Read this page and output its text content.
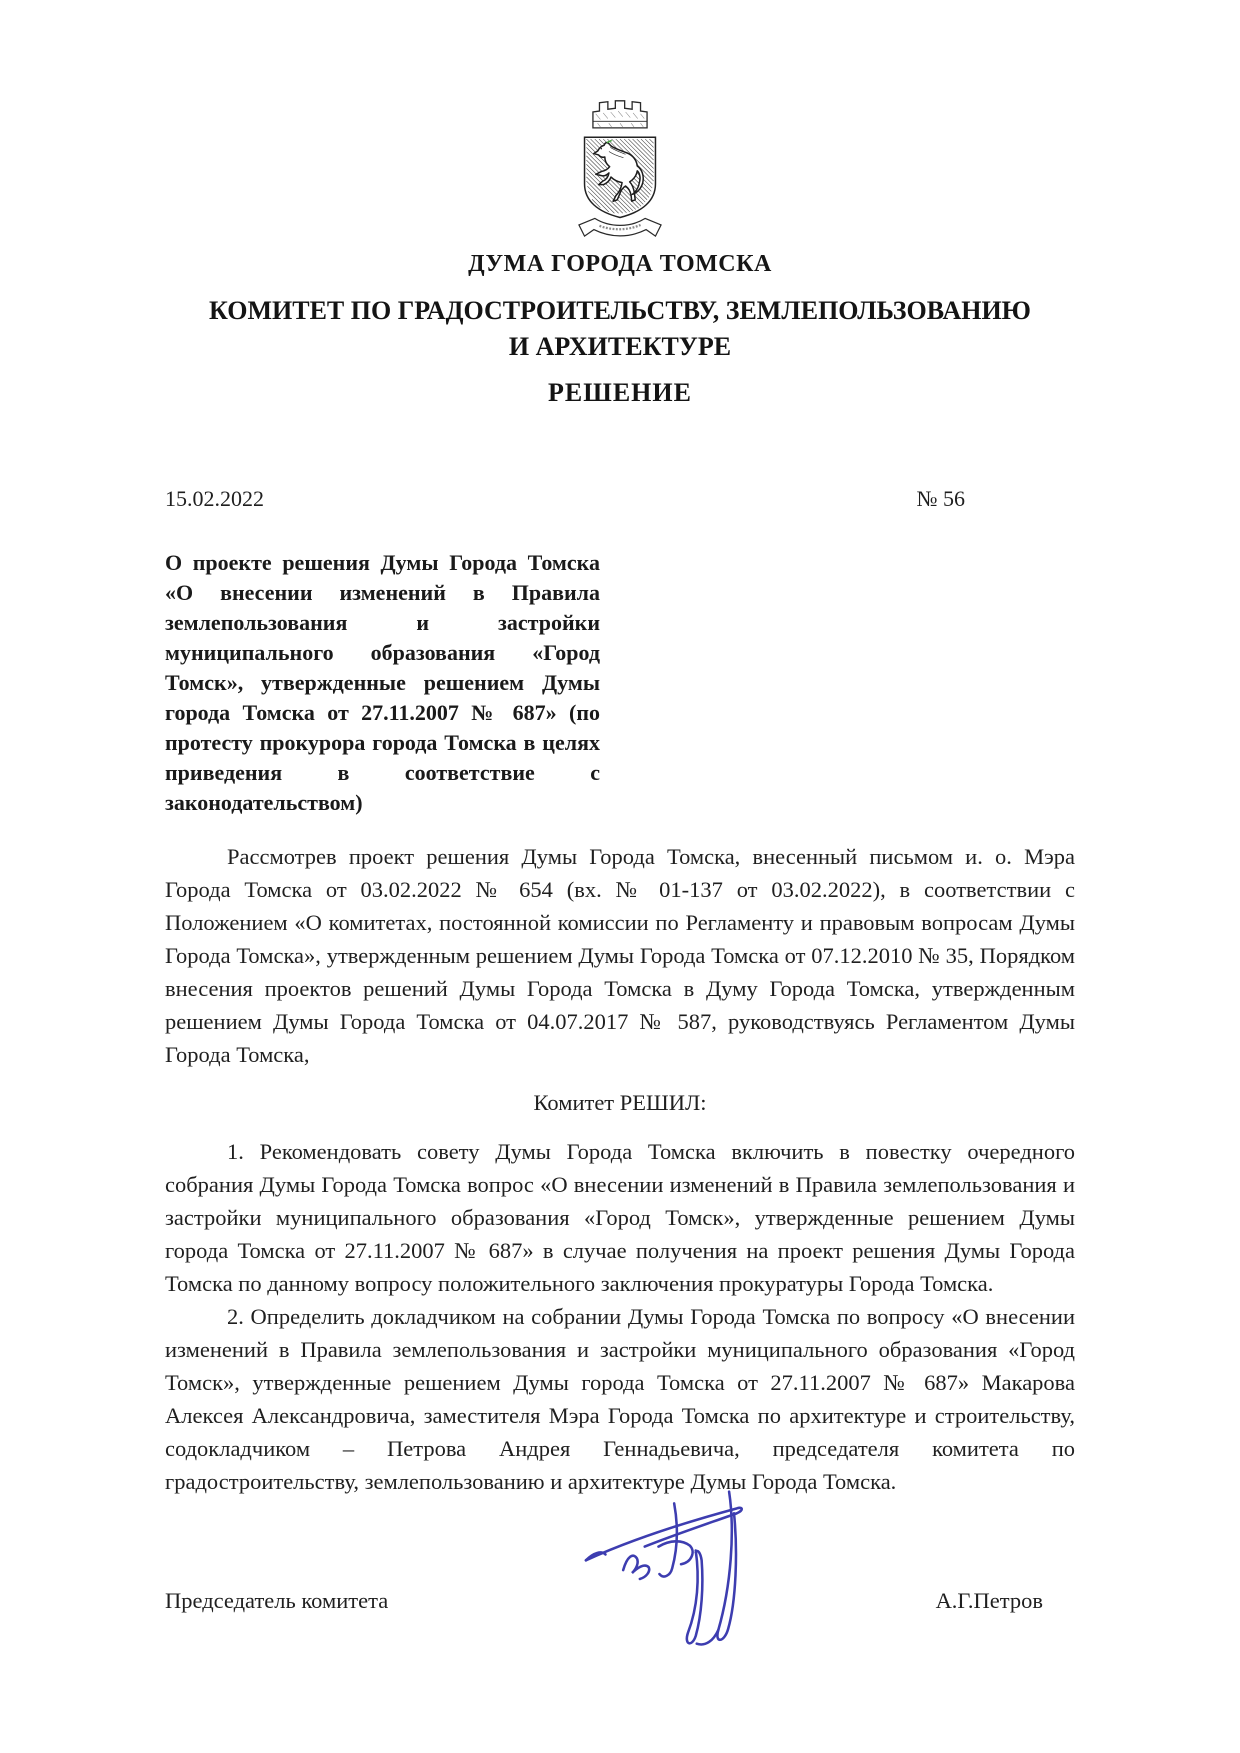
ДУМА ГОРОДА ТОМСКА
КОМИТЕТ ПО ГРАДОСТРОИТЕЛЬСТВУ, ЗЕМЛЕПОЛЬЗОВАНИЮ
И АРХИТЕКТУРЕ
РЕШЕНИЕ
15.02.2022	№ 56
О проекте решения Думы Города Томска «О внесении изменений в Правила землепользования и застройки муниципального образования «Город Томск», утвержденные решением Думы города Томска от 27.11.2007 № 687» (по протесту прокурора города Томска в целях приведения в соответствие с законодательством)

Рассмотрев проект решения Думы Города Томска, внесенный письмом и. о. Мэра Города Томска от 03.02.2022 № 654 (вх. № 01-137 от 03.02.2022), в соответствии с Положением «О комитетах, постоянной комиссии по Регламенту и правовым вопросам Думы Города Томска», утвержденным решением Думы Города Томска от 07.12.2010 № 35, Порядком внесения проектов решений Думы Города Томска в Думу Города Томска, утвержденным решением Думы Города Томска от 04.07.2017 № 587, руководствуясь Регламентом Думы Города Томска,

Комитет РЕШИЛ:

1. Рекомендовать совету Думы Города Томска включить в повестку очередного собрания Думы Города Томска вопрос «О внесении изменений в Правила землепользования и застройки муниципального образования «Город Томск», утвержденные решением Думы города Томска от 27.11.2007 № 687» в случае получения на проект решения Думы Города Томска по данному вопросу положительного заключения прокуратуры Города Томска.

2. Определить докладчиком на собрании Думы Города Томска по вопросу «О внесении изменений в Правила землепользования и застройки муниципального образования «Город Томск», утвержденные решением Думы города Томска от 27.11.2007 № 687» Макарова Алексея Александровича, заместителя Мэра Города Томска по архитектуре и строительству, содокладчиком – Петрова Андрея Геннадьевича, председателя комитета по градостроительству, землепользованию и архитектуре Думы Города Томска.

Председатель комитета	А.Г.Петров
